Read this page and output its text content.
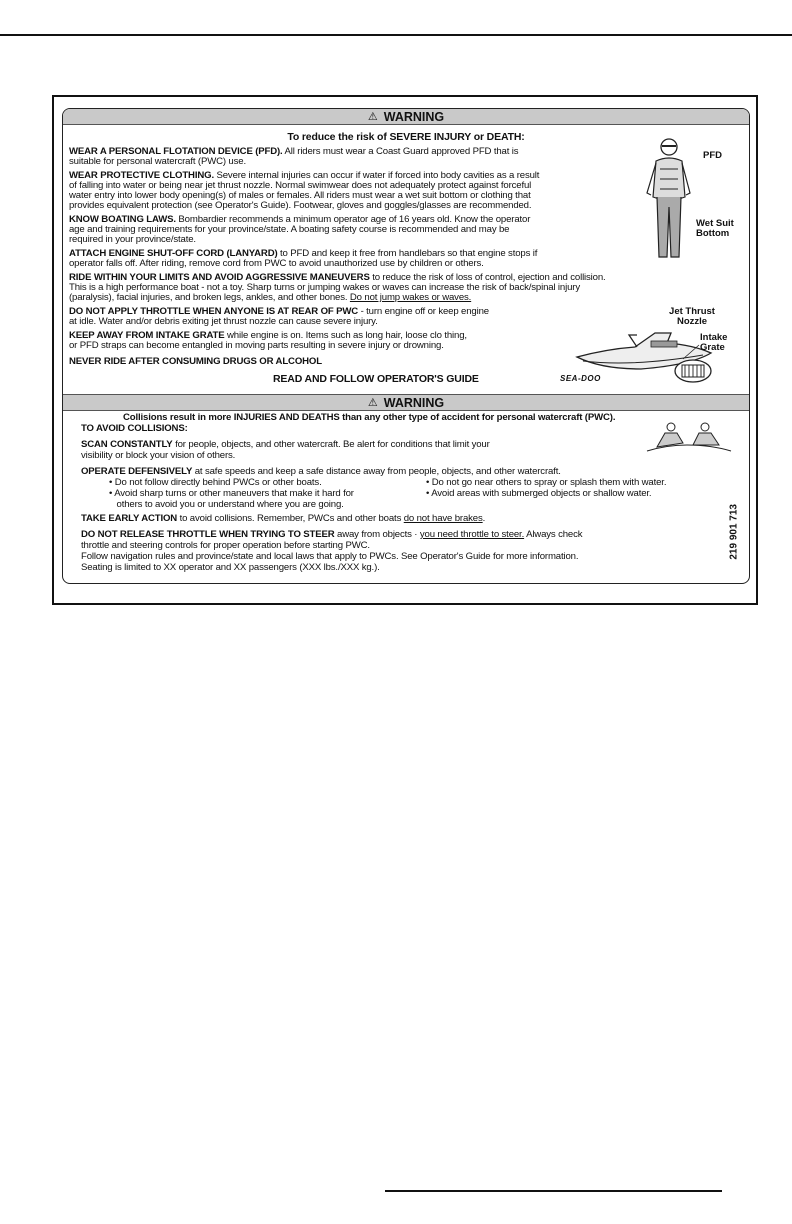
⚠ WARNING
To reduce the risk of SEVERE INJURY or DEATH:
WEAR A PERSONAL FLOTATION DEVICE (PFD). All riders must wear a Coast Guard approved PFD that is
suitable for personal watercraft (PWC) use.
WEAR PROTECTIVE CLOTHING. Severe internal injuries can occur if water if forced into body cavities as a result
of falling into water or being near jet thrust nozzle. Normal swimwear does not adequately protect against forceful
water entry into lower body opening(s) of males or females. All riders must wear a wet suit bottom or clothing that
provides equivalent protection (see Operator's Guide). Footwear, gloves and goggles/glasses are recommended.
KNOW BOATING LAWS. Bombardier recommends a minimum operator age of 16 years old. Know the operator
age and training requirements for your province/state. A boating safety course is recommended and may be
required in your province/state.
ATTACH ENGINE SHUT-OFF CORD (LANYARD) to PFD and keep it free from handlebars so that engine stops if
operator falls off. After riding, remove cord from PWC to avoid unauthorized use by children or others.
RIDE WITHIN YOUR LIMITS AND AVOID AGGRESSIVE MANEUVERS to reduce the risk of loss of control, ejection and collision.
This is a high performance boat - not a toy. Sharp turns or jumping wakes or waves can increase the risk of back/spinal injury
(paralysis), facial injuries, and broken legs, ankles, and other bones. Do not jump wakes or waves.
DO NOT APPLY THROTTLE WHEN ANYONE IS AT REAR OF PWC - turn engine off or keep engine
at idle. Water and/or debris exiting jet thrust nozzle can cause severe injury.
KEEP AWAY FROM INTAKE GRATE while engine is on. Items such as long hair, loose clo thing,
or PFD straps can become entangled in moving parts resulting in severe injury or drowning.
NEVER RIDE AFTER CONSUMING DRUGS OR ALCOHOL
READ AND FOLLOW OPERATOR'S GUIDE
PFD
Wet Suit Bottom
Jet Thrust Nozzle
Intake Grate
SEA-DOO
⚠ WARNING
Collisions result in more INJURIES AND DEATHS than any other type of accident for personal watercraft (PWC).
TO AVOID COLLISIONS:
SCAN CONSTANTLY for people, objects, and other watercraft. Be alert for conditions that limit your
visibility or block your vision of others.
OPERATE DEFENSIVELY at safe speeds and keep a safe distance away from people, objects, and other watercraft.
• Do not follow directly behind PWCs or other boats.
• Avoid sharp turns or other maneuvers that make it hard for
others to avoid you or understand where you are going.
• Do not go near others to spray or splash them with water.
• Avoid areas with submerged objects or shallow water.
TAKE EARLY ACTION to avoid collisions. Remember, PWCs and other boats do not have brakes.
DO NOT RELEASE THROTTLE WHEN TRYING TO STEER away from objects · you need throttle to steer. Always check
throttle and steering controls for proper operation before starting PWC.
Follow navigation rules and province/state and local laws that apply to PWCs. See Operator's Guide for more information.
Seating is limited to XX operator and XX passengers (XXX lbs./XXX kg.).
219 901 713
